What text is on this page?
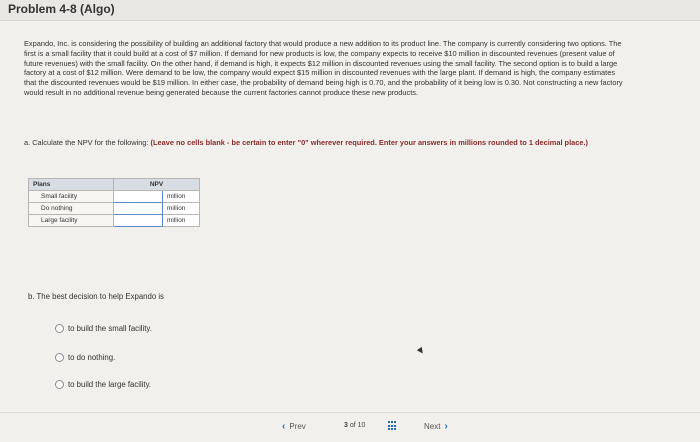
Problem 4-8 (Algo)
Expando, Inc. is considering the possibility of building an additional factory that would produce a new addition to its product line. The company is currently considering two options. The first is a small facility that it could build at a cost of $7 million. If demand for new products is low, the company expects to receive $10 million in discounted revenues (present value of future revenues) with the small facility. On the other hand, if demand is high, it expects $12 million in discounted revenues using the small facility. The second option is to build a large factory at a cost of $12 million. Were demand to be low, the company would expect $15 million in discounted revenues with the large plant. If demand is high, the company estimates that the discounted revenues would be $19 million. In either case, the probability of demand being high is 0.70, and the probability of it being low is 0.30. Not constructing a new factory would result in no additional revenue being generated because the current factories cannot produce these new products.
a. Calculate the NPV for the following: (Leave no cells blank - be certain to enter "0" wherever required. Enter your answers in millions rounded to 1 decimal place.)
Plans	NPV	
Small facility		million
Do nothing		million
Large facility		million
b. The best decision to help Expando is
to build the small facility.
to do nothing.
to build the large facility.
‹ Prev	3 of 10	Next ›
